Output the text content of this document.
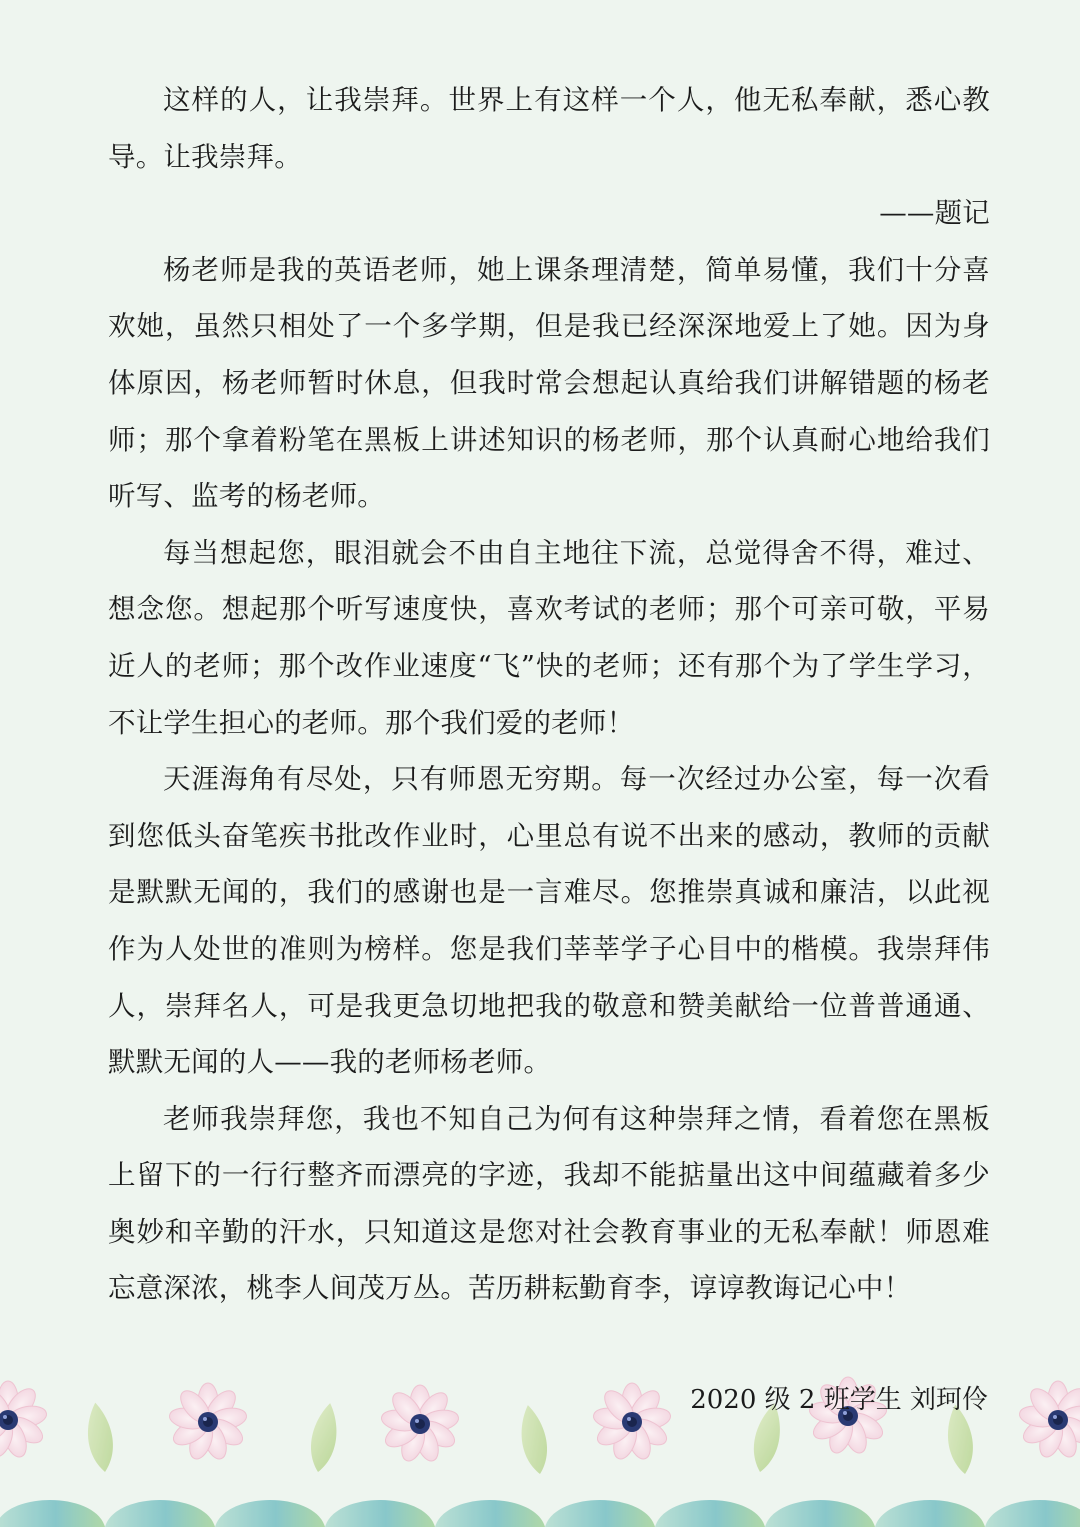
这样的人，让我崇拜。世界上有这样一个人，他无私奉献，悉心教导。让我崇拜。

——题记

杨老师是我的英语老师，她上课条理清楚，简单易懂，我们十分喜欢她，虽然只相处了一个多学期，但是我已经深深地爱上了她。因为身体原因，杨老师暂时休息，但我时常会想起认真给我们讲解错题的杨老师；那个拿着粉笔在黑板上讲述知识的杨老师，那个认真耐心地给我们听写、监考的杨老师。

每当想起您，眼泪就会不由自主地往下流，总觉得舍不得，难过、想念您。想起那个听写速度快，喜欢考试的老师；那个可亲可敬，平易近人的老师；那个改作业速度“飞”快的老师；还有那个为了学生学习，不让学生担心的老师。那个我们爱的老师！

天涯海角有尽处，只有师恩无穷期。每一次经过办公室，每一次看到您低头奋笔疾书批改作业时，心里总有说不出来的感动，教师的贡献是默默无闻的，我们的感谢也是一言难尽。您推崇真诚和廉洁，以此视作为人处世的准则为榜样。您是我们莘莘学子心目中的楷模。我崇拜伟人，崇拜名人，可是我更急切地把我的敬意和赞美献给一位普普通通、默默无闻的人——我的老师杨老师。

老师我崇拜您，我也不知自己为何有这种崇拜之情，看着您在黑板上留下的一行行整齐而漂亮的字迹，我却不能掂量出这中间蕴藏着多少奥妙和辛勤的汗水，只知道这是您对社会教育事业的无私奉献！师恩难忘意深浓，桃李人间茂万丛。苦历耕耘勤育李，谆谆教诲记心中！

2020 级 2 班学生 刘珂伶
